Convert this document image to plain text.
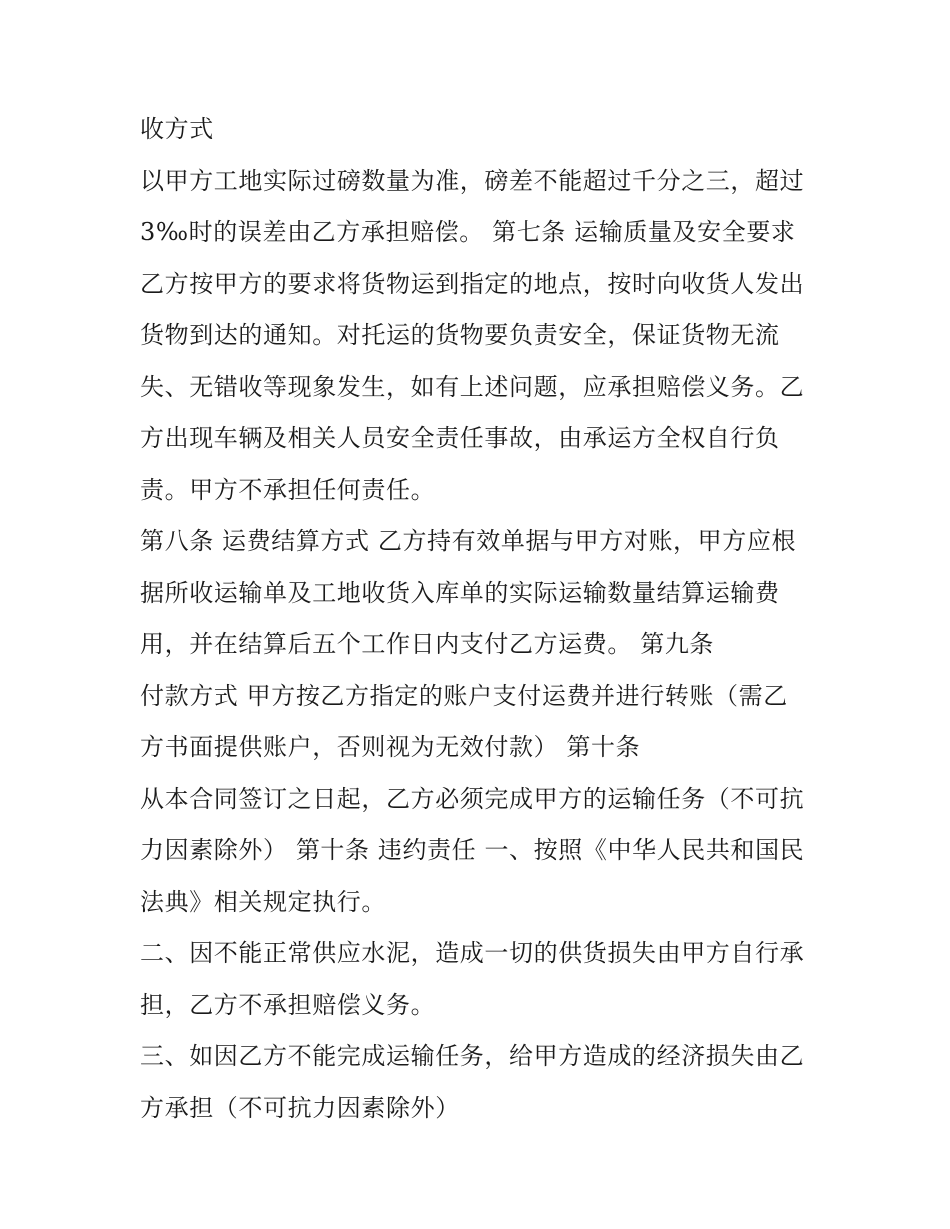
收方式
以甲方工地实际过磅数量为准，磅差不能超过千分之三，超过
3‰时的误差由乙方承担赔偿。 第七条 运输质量及安全要求
乙方按甲方的要求将货物运到指定的地点，按时向收货人发出
货物到达的通知。对托运的货物要负责安全，保证货物无流
失、无错收等现象发生，如有上述问题，应承担赔偿义务。乙
方出现车辆及相关人员安全责任事故，由承运方全权自行负
责。甲方不承担任何责任。
第八条 运费结算方式 乙方持有效单据与甲方对账，甲方应根
据所收运输单及工地收货入库单的实际运输数量结算运输费
用，并在结算后五个工作日内支付乙方运费。 第九条
付款方式 甲方按乙方指定的账户支付运费并进行转账（需乙
方书面提供账户，否则视为无效付款） 第十条
从本合同签订之日起，乙方必须完成甲方的运输任务（不可抗
力因素除外） 第十条 违约责任 一、按照《中华人民共和国民
法典》相关规定执行。
二、因不能正常供应水泥，造成一切的供货损失由甲方自行承
担，乙方不承担赔偿义务。
三、如因乙方不能完成运输任务，给甲方造成的经济损失由乙
方承担（不可抗力因素除外）
